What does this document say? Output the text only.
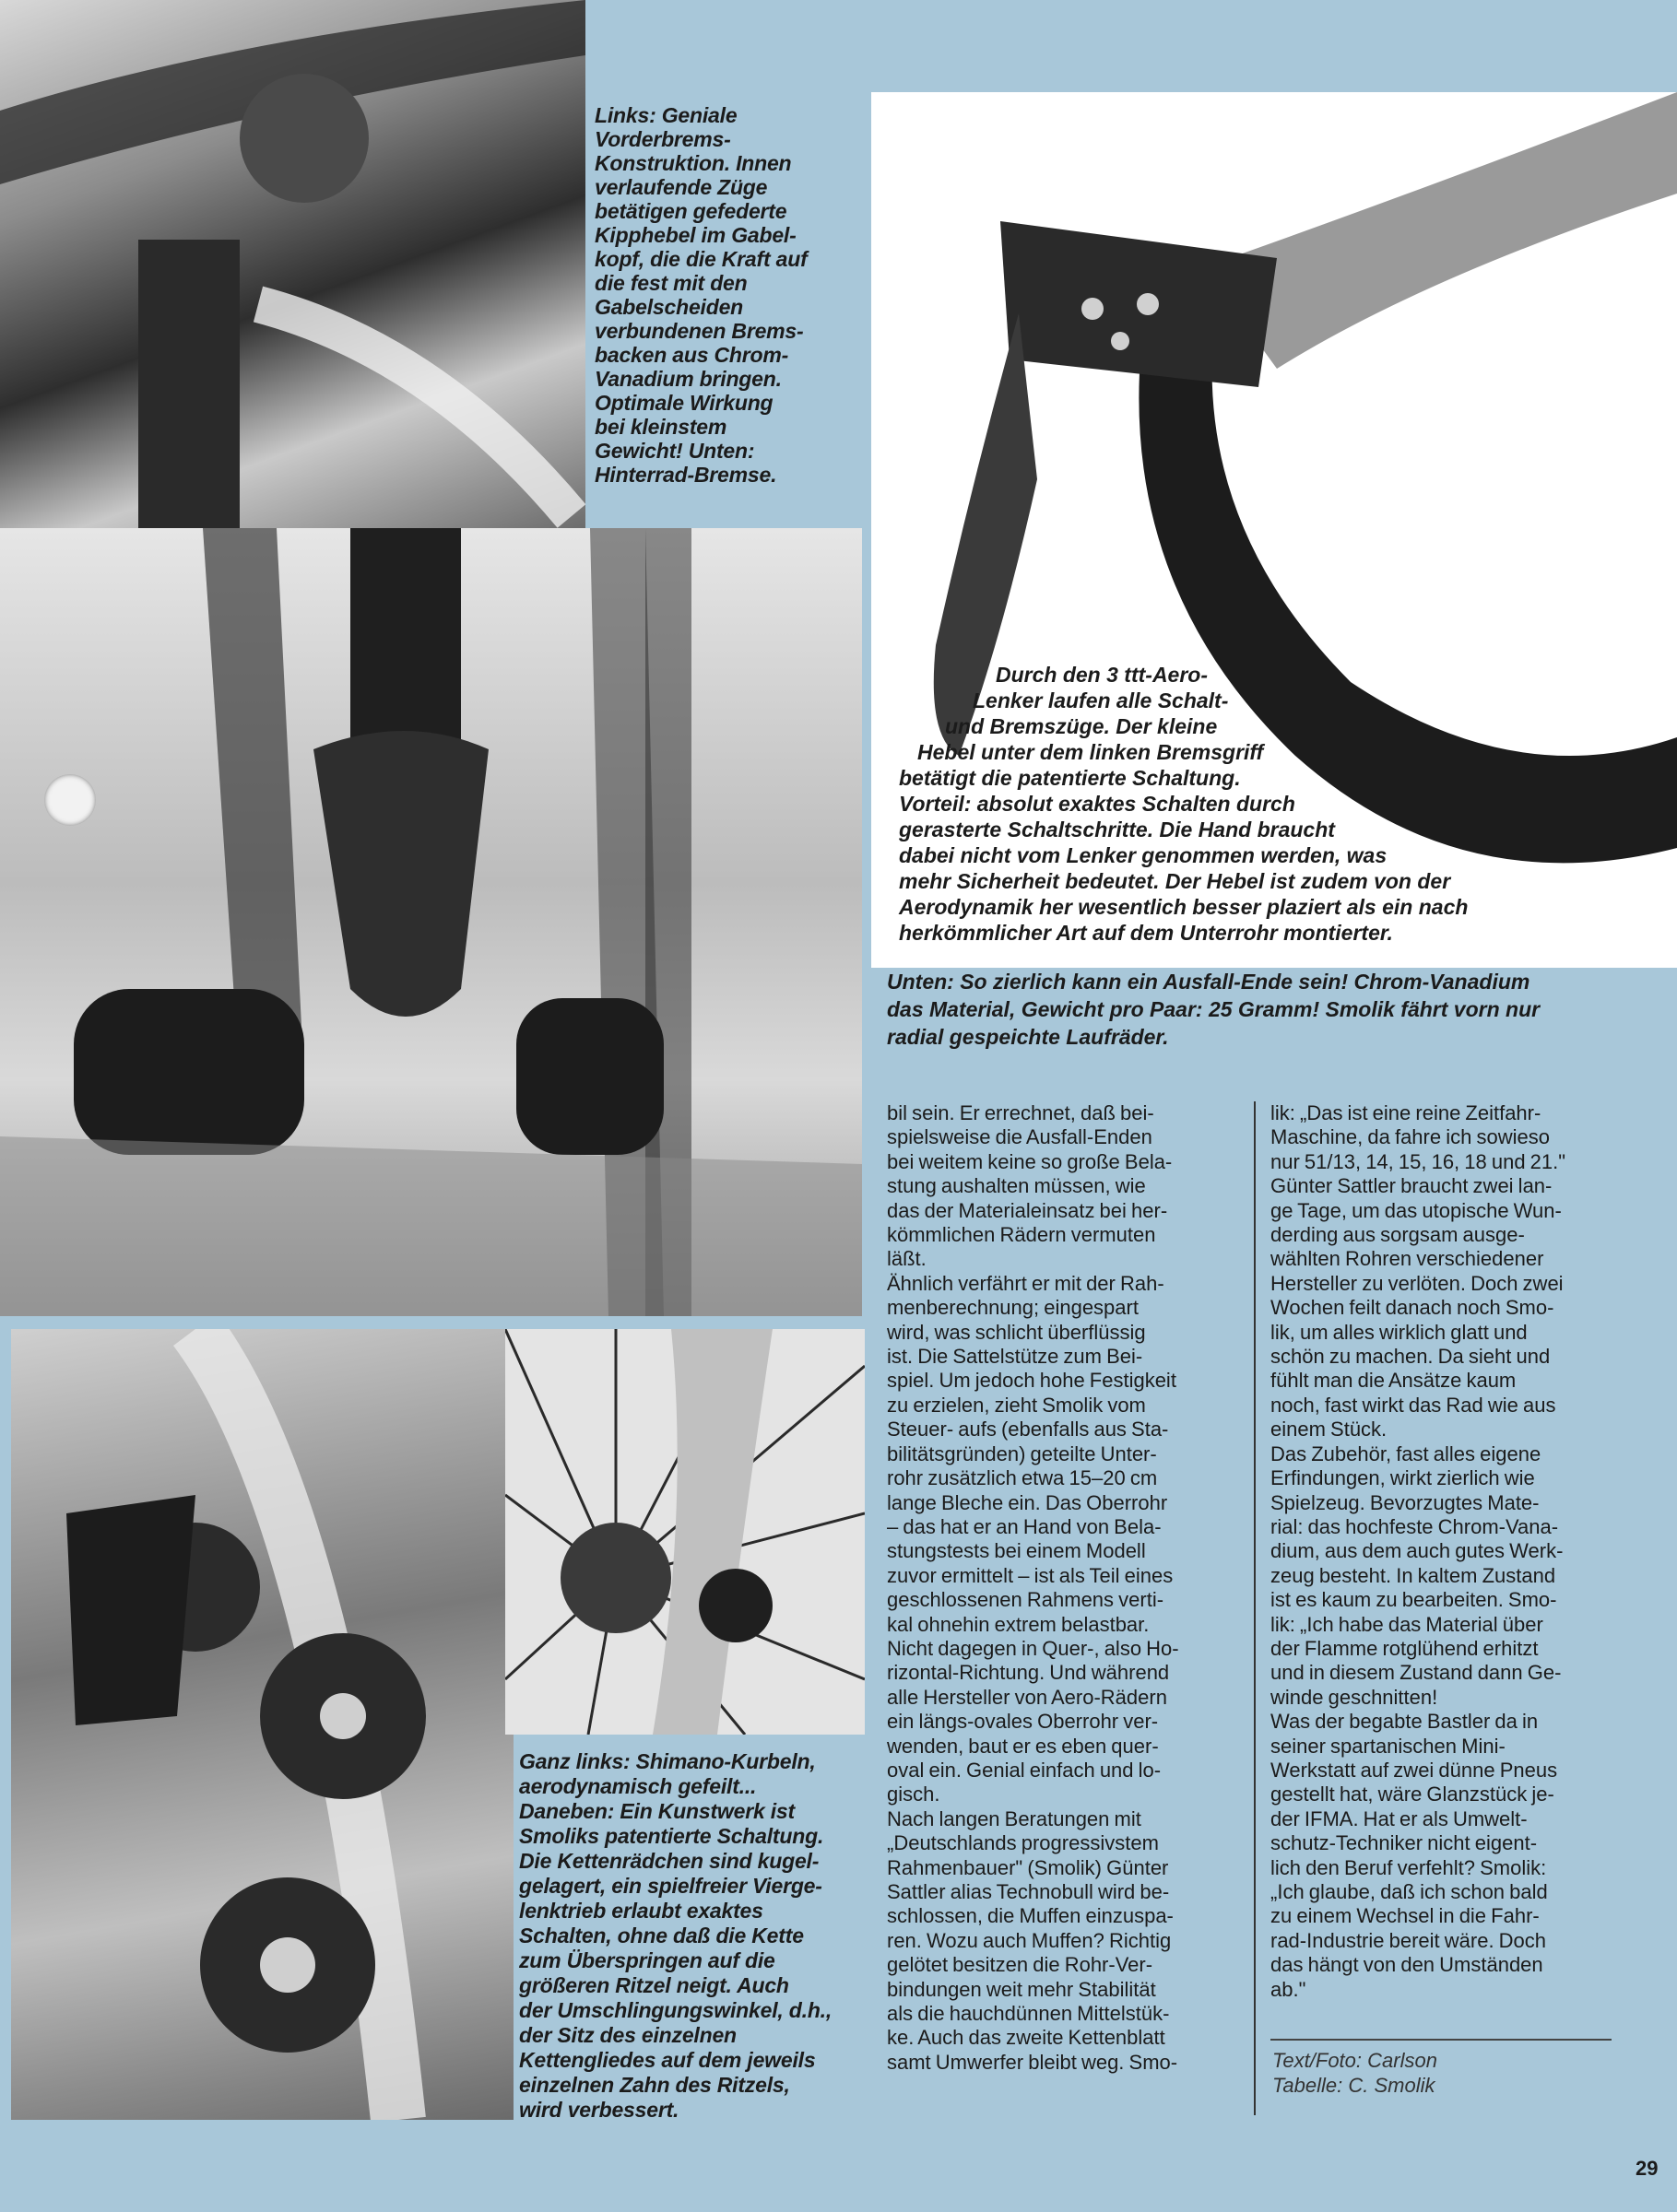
Links: Geniale
Vorderbrems-
Konstruktion. Innen
verlaufende Züge
betätigen gefederte
Kipphebel im Gabel-
kopf, die die Kraft auf
die fest mit den
Gabelscheiden
verbundenen Brems-
backen aus Chrom-
Vanadium bringen.
Optimale Wirkung
bei kleinstem
Gewicht! Unten:
Hinterrad-Bremse.
Durch den 3 ttt-Aero-
Lenker laufen alle Schalt-
und Bremszüge. Der kleine
Hebel unter dem linken Bremsgriff
betätigt die patentierte Schaltung.
Vorteil: absolut exaktes Schalten durch
gerasterte Schaltschritte. Die Hand braucht
dabei nicht vom Lenker genommen werden, was
mehr Sicherheit bedeutet. Der Hebel ist zudem von der
Aerodynamik her wesentlich besser plaziert als ein nach
herkömmlicher Art auf dem Unterrohr montierter.
Unten: So zierlich kann ein Ausfall-Ende sein! Chrom-Vanadium
das Material, Gewicht pro Paar: 25 Gramm! Smolik fährt vorn nur
radial gespeichte Laufräder.
Ganz links: Shimano-Kurbeln,
aerodynamisch gefeilt...
Daneben: Ein Kunstwerk ist
Smoliks patentierte Schaltung.
Die Kettenrädchen sind kugel-
gelagert, ein spielfreier Vierge-
lenktrieb erlaubt exaktes
Schalten, ohne daß die Kette
zum Überspringen auf die
größeren Ritzel neigt. Auch
der Umschlingungswinkel, d.h.,
der Sitz des einzelnen
Kettengliedes auf dem jeweils
einzelnen Zahn des Ritzels,
wird verbessert.
bil sein. Er errechnet, daß bei-
spielsweise die Ausfall-Enden
bei weitem keine so große Bela-
stung aushalten müssen, wie
das der Materialeinsatz bei her-
kömmlichen Rädern vermuten
läßt.
Ähnlich verfährt er mit der Rah-
menberechnung; eingespart
wird, was schlicht überflüssig
ist. Die Sattelstütze zum Bei-
spiel. Um jedoch hohe Festigkeit
zu erzielen, zieht Smolik vom
Steuer- aufs (ebenfalls aus Sta-
bilitätsgründen) geteilte Unter-
rohr zusätzlich etwa 15–20 cm
lange Bleche ein. Das Oberrohr
– das hat er an Hand von Bela-
stungstests bei einem Modell
zuvor ermittelt – ist als Teil eines
geschlossenen Rahmens verti-
kal ohnehin extrem belastbar.
Nicht dagegen in Quer-, also Ho-
rizontal-Richtung. Und während
alle Hersteller von Aero-Rädern
ein längs-ovales Oberrohr ver-
wenden, baut er es eben quer-
oval ein. Genial einfach und lo-
gisch.
Nach langen Beratungen mit
„Deutschlands progressivstem
Rahmenbauer" (Smolik) Günter
Sattler alias Technobull wird be-
schlossen, die Muffen einzuspa-
ren. Wozu auch Muffen? Richtig
gelötet besitzen die Rohr-Ver-
bindungen weit mehr Stabilität
als die hauchdünnen Mittelstük-
ke. Auch das zweite Kettenblatt
samt Umwerfer bleibt weg. Smo-
lik: „Das ist eine reine Zeitfahr-
Maschine, da fahre ich sowieso
nur 51/13, 14, 15, 16, 18 und 21."
Günter Sattler braucht zwei lan-
ge Tage, um das utopische Wun-
derding aus sorgsam ausge-
wählten Rohren verschiedener
Hersteller zu verlöten. Doch zwei
Wochen feilt danach noch Smo-
lik, um alles wirklich glatt und
schön zu machen. Da sieht und
fühlt man die Ansätze kaum
noch, fast wirkt das Rad wie aus
einem Stück.
Das Zubehör, fast alles eigene
Erfindungen, wirkt zierlich wie
Spielzeug. Bevorzugtes Mate-
rial: das hochfeste Chrom-Vana-
dium, aus dem auch gutes Werk-
zeug besteht. In kaltem Zustand
ist es kaum zu bearbeiten. Smo-
lik: „Ich habe das Material über
der Flamme rotglühend erhitzt
und in diesem Zustand dann Ge-
winde geschnitten!
Was der begabte Bastler da in
seiner spartanischen Mini-
Werkstatt auf zwei dünne Pneus
gestellt hat, wäre Glanzstück je-
der IFMA. Hat er als Umwelt-
schutz-Techniker nicht eigent-
lich den Beruf verfehlt? Smolik:
„Ich glaube, daß ich schon bald
zu einem Wechsel in die Fahr-
rad-Industrie bereit wäre. Doch
das hängt von den Umständen
ab."
Text/Foto: Carlson
Tabelle: C. Smolik
29
